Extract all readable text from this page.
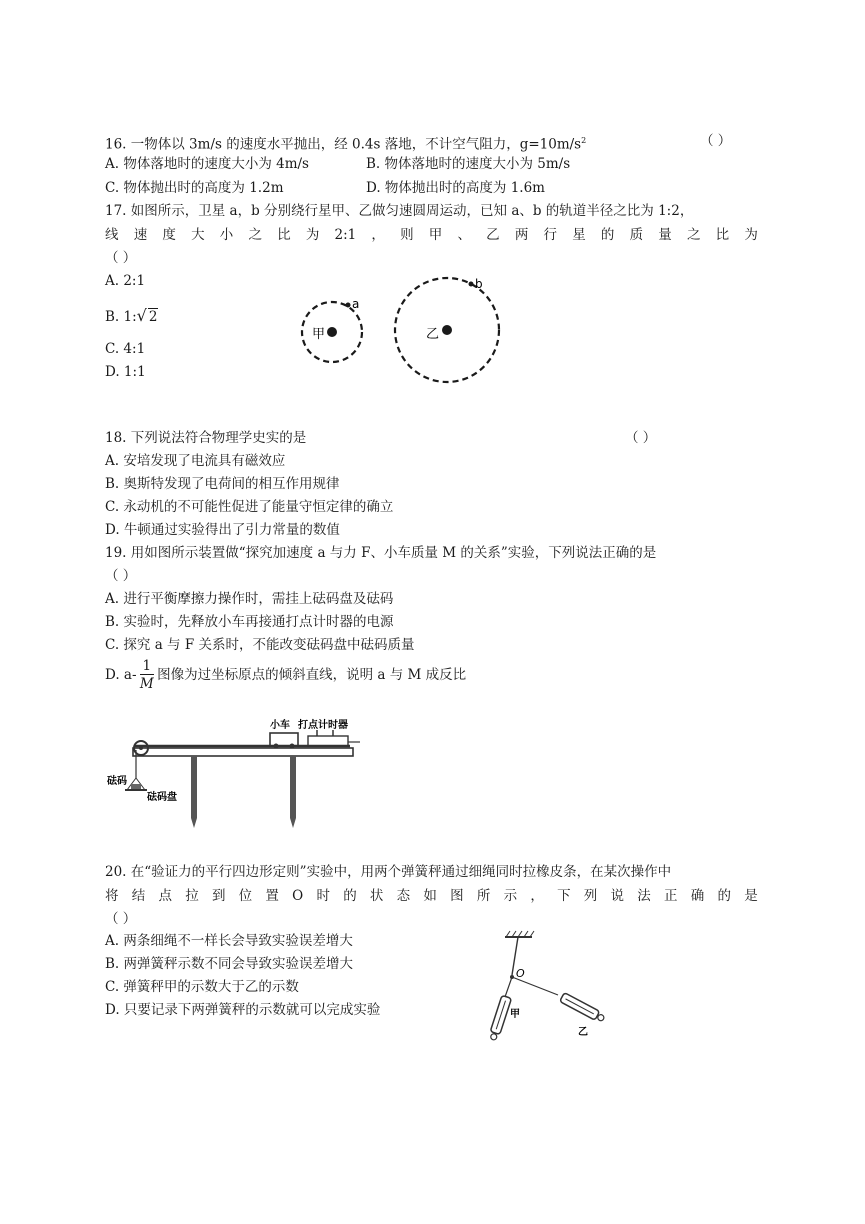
16. 一物体以 3m/s 的速度水平抛出，经 0.4s 落地，不计空气阻力，$g=10m/s^2$	（ ）
A. 物体落地时的速度大小为 4m/s	B. 物体落地时的速度大小为 5m/s
C. 物体抛出时的高度为 1.2m	D. 物体抛出时的高度为 1.6m
17. 如图所示，卫星 a，b 分别绕行星甲、乙做匀速圆周运动，已知 a、b 的轨道半径之比为 1:2，
线 速 度 大 小 之 比 为 2:1 ， 则 甲 、 乙 两 行 星 的 质 量 之 比 为
（ ）
A. 2:1
B. 1:√ 2
C. 4:1
D. 1:1
甲
a
乙
b
18. 下列说法符合物理学史实的是	（ ）
A. 安培发现了电流具有磁效应
B. 奥斯特发现了电荷间的相互作用规律
C. 永动机的不可能性促进了能量守恒定律的确立
D. 牛顿通过实验得出了引力常量的数值
19. 用如图所示装置做“探究加速度 a 与力 F、小车质量 M 的关系”实验，下列说法正确的是
（ ）
A. 进行平衡摩擦力操作时，需挂上砝码盘及砝码
B. 实验时，先释放小车再接通打点计时器的电源
C. 探究 a 与 F 关系时，不能改变砝码盘中砝码质量
D. $a- \frac{1}{M}$ 图像为过坐标原点的倾斜直线，说明 a 与 M 成反比
小车 打点计时器
砝码
砝码盘
20. 在“验证力的平行四边形定则”实验中，用两个弹簧秤通过细绳同时拉橡皮条，在某次操作中
将 结 点 拉 到 位 置 O 时 的 状 态 如 图 所 示 ， 下 列 说 法 正 确 的 是
（ ）
A. 两条细绳不一样长会导致实验误差增大
B. 两弹簧秤示数不同会导致实验误差增大
C. 弹簧秤甲的示数大于乙的示数
D. 只要记录下两弹簧秤的示数就可以完成实验
O
甲
乙
